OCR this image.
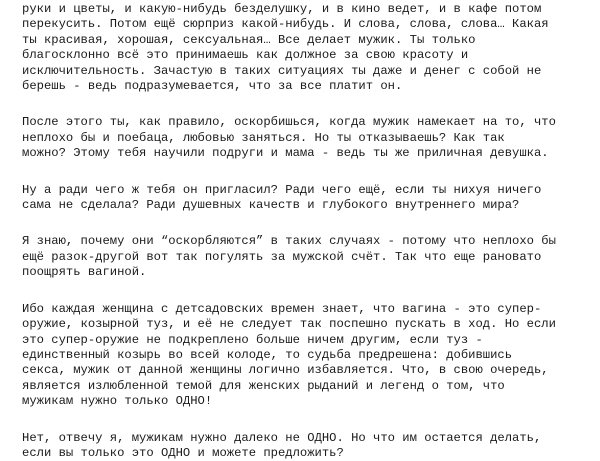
руки и цветы, и какую-нибудь безделушку, и в кино ведет, и в кафе потом
перекусить. Потом ещё сюрприз какой-нибудь. И слова, слова, слова… Какая
ты красивая, хорошая, сексуальная… Все делает мужик. Ты только
благосклонно всё это принимаешь как должное за свою красоту и
исключительность. Зачастую в таких ситуациях ты даже и денег с собой не
берешь - ведь подразумевается, что за все платит он.

После этого ты, как правило, оскорбишься, когда мужик намекает на то, что
неплохо бы и поебаца, любовью заняться. Но ты отказываешь? Как так
можно? Этому тебя научили подруги и мама - ведь ты же приличная девушка.

Ну а ради чего ж тебя он пригласил? Ради чего ещё, если ты нихуя ничего
сама не сделала? Ради душевных качеств и глубокого внутреннего мира?

Я знаю, почему они “оскорбляются” в таких случаях - потому что неплохо бы
ещё разок-другой вот так погулять за мужской счёт. Так что еще рановато
поощрять вагиной.

Ибо каждая женщина с детсадовских времен знает, что вагина - это супер-
оружие, козырной туз, и её не следует так поспешно пускать в ход. Но если
это супер-оружие не подкреплено больше ничем другим, если туз -
единственный козырь во всей колоде, то судьба предрешена: добившись
секса, мужик от данной женщины логично избавляется. Что, в свою очередь,
является излюбленной темой для женских рыданий и легенд о том, что
мужикам нужно только ОДНО!

Нет, отвечу я, мужикам нужно далеко не ОДНО. Но что им остается делать,
если вы только это ОДНО и можете предложить?
